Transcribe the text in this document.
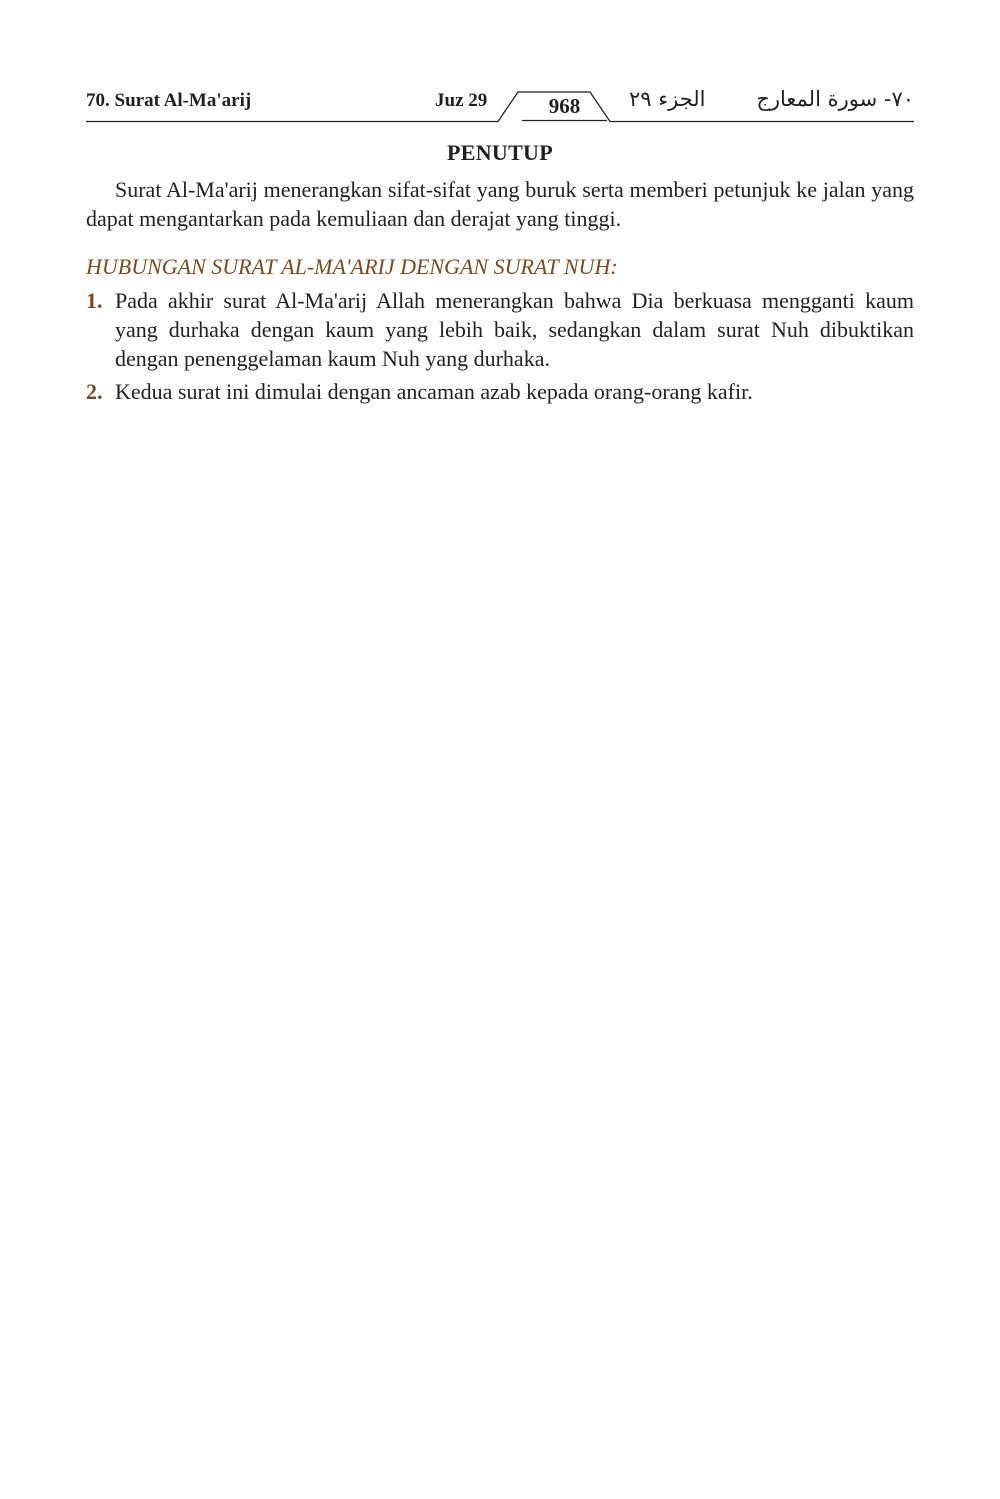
70. Surat Al-Ma'arij	Juz 29	968	الجزء ٢٩ ٧٠- سورة المعارج
PENUTUP

Surat Al-Ma'arij menerangkan sifat-sifat yang buruk serta memberi petunjuk ke jalan yang dapat mengantarkan pada kemuliaan dan derajat yang tinggi.

HUBUNGAN SURAT AL-MA'ARIJ DENGAN SURAT NUH:
1. Pada akhir surat Al-Ma'arij Allah menerangkan bahwa Dia berkuasa mengganti kaum yang durhaka dengan kaum yang lebih baik, sedangkan dalam surat Nuh dibuktikan dengan penenggelaman kaum Nuh yang durhaka.
2. Kedua surat ini dimulai dengan ancaman azab kepada orang-orang kafir.
